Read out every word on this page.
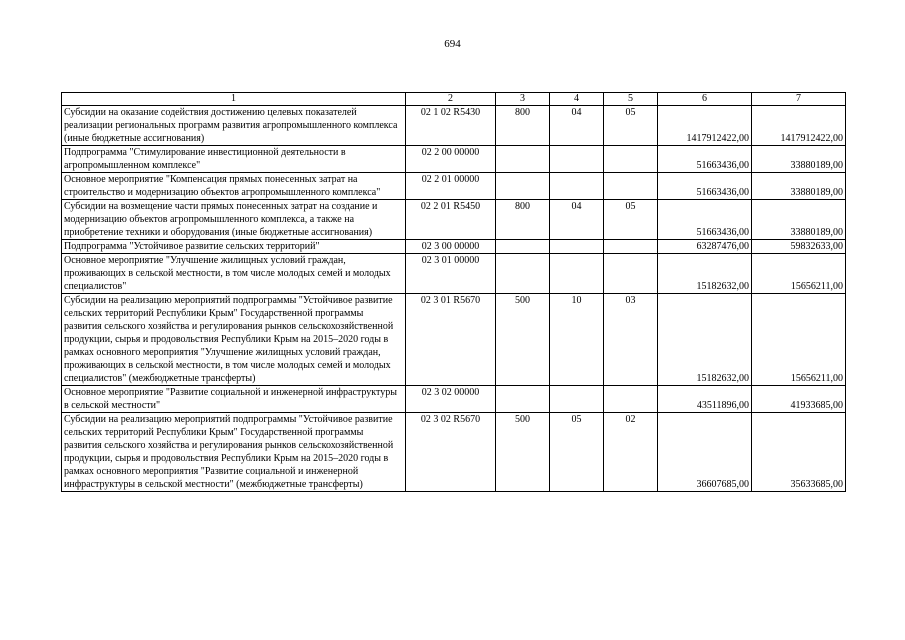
694
1	2	3	4	5	6	7
Субсидии на оказание содействия достижению целевых показателей реализации региональных программ развития агропромышленного комплекса (иные бюджетные ассигнования)	02 1 02 R5430	800	04	05	1417912422,00	1417912422,00
Подпрограмма "Стимулирование инвестиционной деятельности в агропромышленном комплексе"	02 2 00 00000				51663436,00	33880189,00
Основное мероприятие "Компенсация прямых понесенных затрат на строительство и модернизацию объектов агропромышленного комплекса"	02 2 01 00000				51663436,00	33880189,00
Субсидии на возмещение части прямых понесенных затрат на создание и модернизацию объектов агропромышленного комплекса, а также на приобретение техники и оборудования (иные бюджетные ассигнования)	02 2 01 R5450	800	04	05	51663436,00	33880189,00
Подпрограмма "Устойчивое развитие сельских территорий"	02 3 00 00000				63287476,00	59832633,00
Основное мероприятие "Улучшение жилищных условий граждан, проживающих в сельской местности, в том числе молодых семей и молодых специалистов"	02 3 01 00000				15182632,00	15656211,00
Субсидии на реализацию мероприятий подпрограммы "Устойчивое развитие сельских территорий Республики Крым" Государственной программы развития сельского хозяйства и регулирования рынков сельскохозяйственной продукции, сырья и продовольствия Республики Крым на 2015–2020 годы в рамках основного мероприятия "Улучшение жилищных условий граждан, проживающих в сельской местности, в том числе молодых семей и молодых специалистов" (межбюджетные трансферты)	02 3 01 R5670	500	10	03	15182632,00	15656211,00
Основное мероприятие "Развитие социальной и инженерной инфраструктуры в сельской местности"	02 3 02 00000				43511896,00	41933685,00
Субсидии на реализацию мероприятий подпрограммы "Устойчивое развитие сельских территорий Республики Крым" Государственной программы развития сельского хозяйства и регулирования рынков сельскохозяйственной продукции, сырья и продовольствия Республики Крым на 2015–2020 годы в рамках основного мероприятия "Развитие социальной и инженерной инфраструктуры в сельской местности" (межбюджетные трансферты)	02 3 02 R5670	500	05	02	36607685,00	35633685,00
